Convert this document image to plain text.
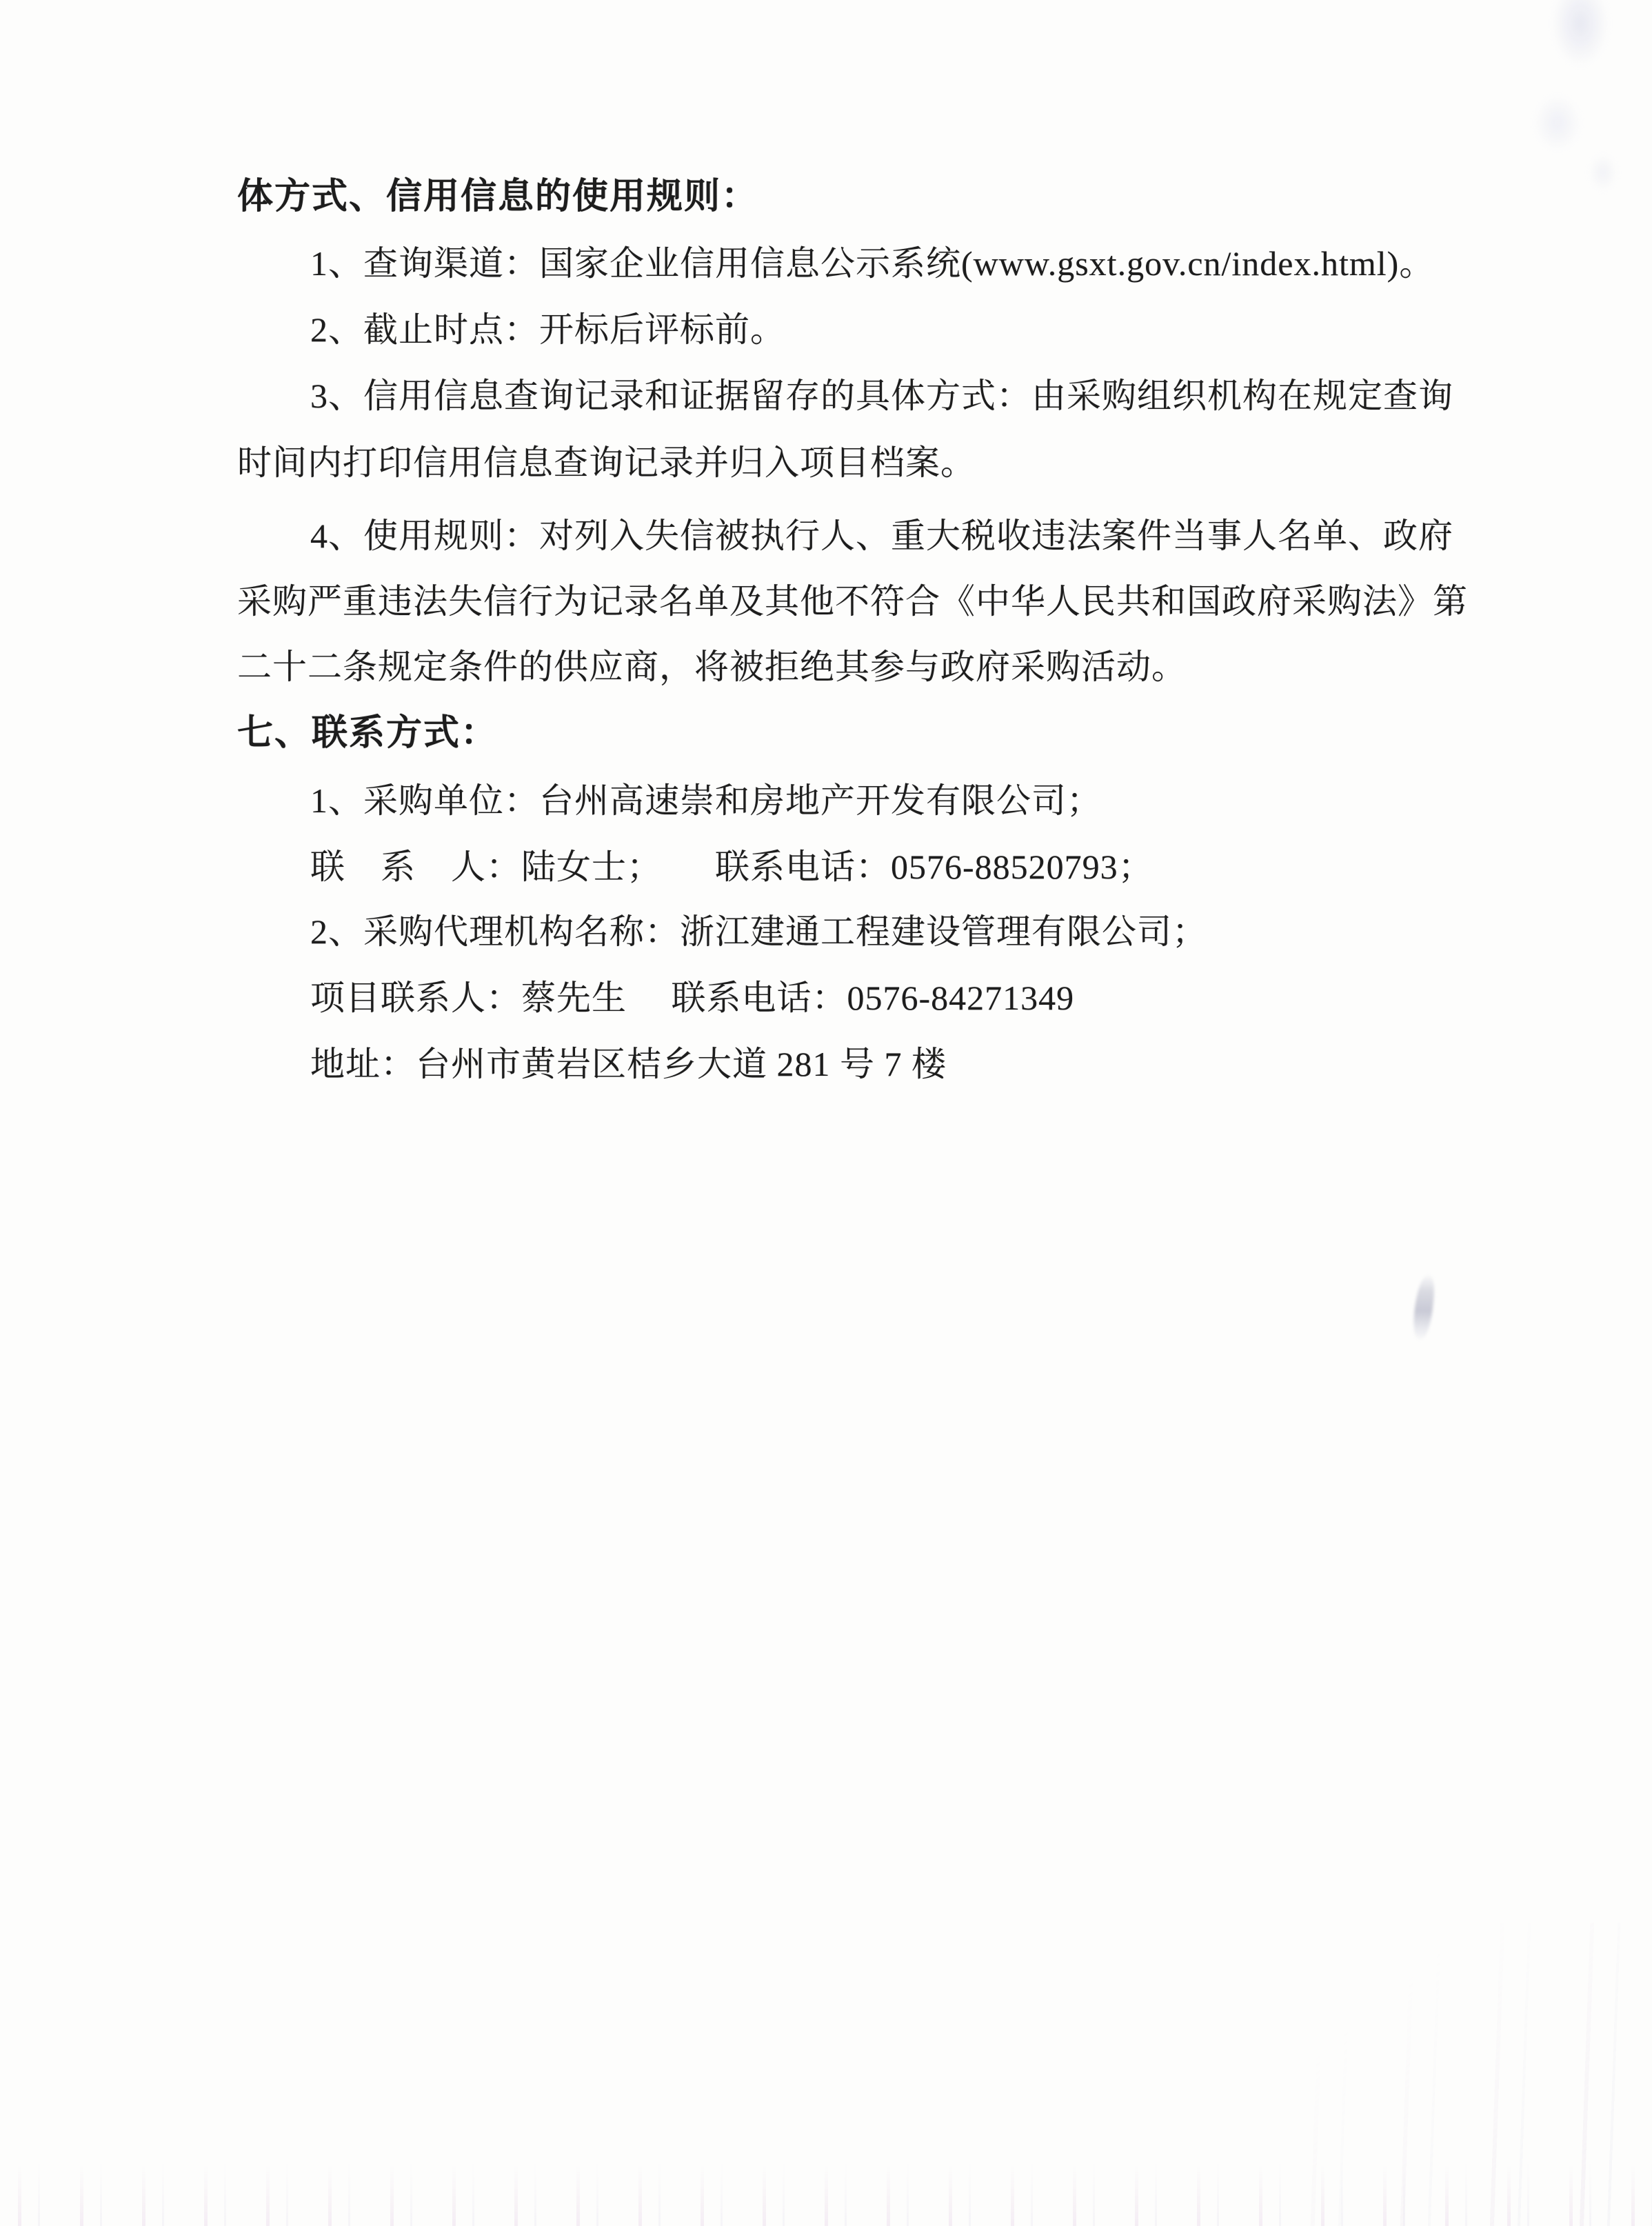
体方式、信用信息的使用规则：
1、查询渠道：国家企业信用信息公示系统(www.gsxt.gov.cn/index.html)。
2、截止时点：开标后评标前。
3、信用信息查询记录和证据留存的具体方式：由采购组织机构在规定查询
时间内打印信用信息查询记录并归入项目档案。
4、使用规则：对列入失信被执行人、重大税收违法案件当事人名单、政府
采购严重违法失信行为记录名单及其他不符合《中华人民共和国政府采购法》第
二十二条规定条件的供应商，将被拒绝其参与政府采购活动。
七、联系方式：
1、采购单位：台州高速崇和房地产开发有限公司；
联　系　人：陆女士；　　联系电话：0576-88520793；
2、采购代理机构名称：浙江建通工程建设管理有限公司；
项目联系人：蔡先生　 联系电话：0576-84271349
地址：台州市黄岩区桔乡大道 281 号 7 楼
